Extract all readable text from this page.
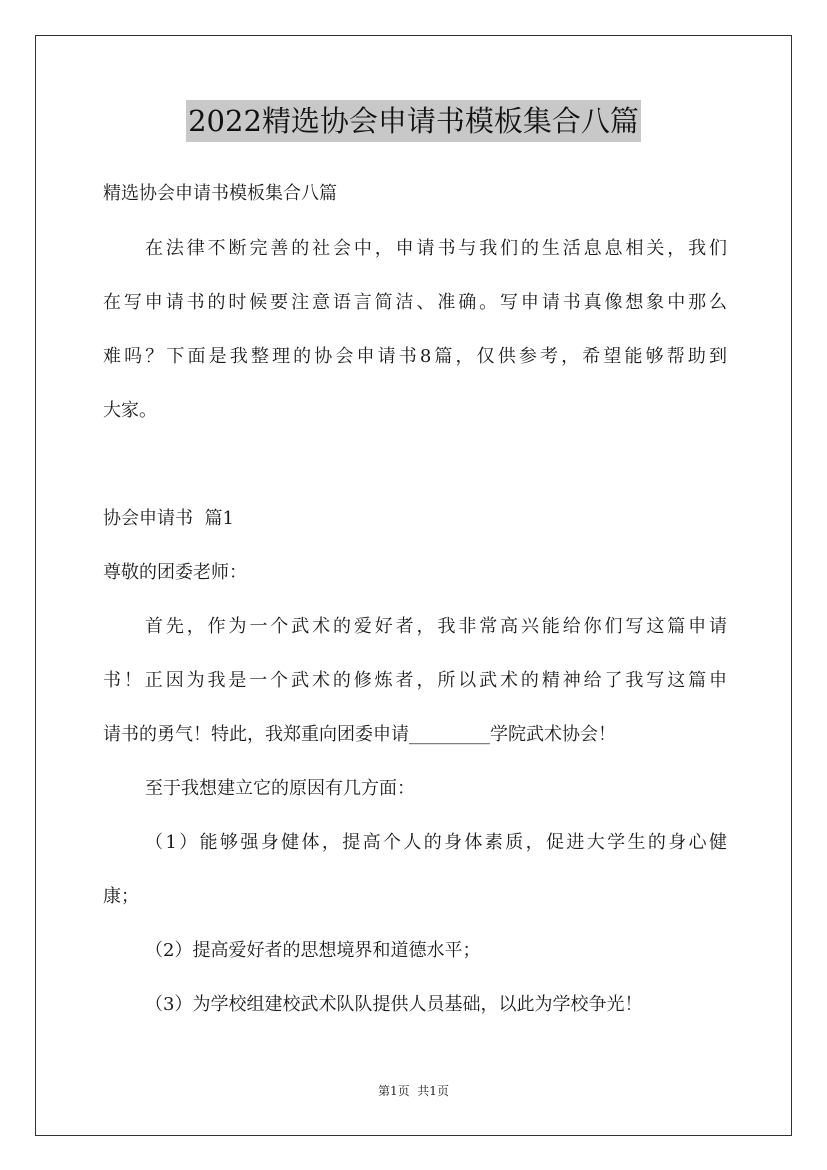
2022精选协会申请书模板集合八篇
精选协会申请书模板集合八篇
在法律不断完善的社会中，申请书与我们的生活息息相关，我们
在写申请书的时候要注意语言简洁、准确。写申请书真像想象中那么
难吗？下面是我整理的协会申请书8篇，仅供参考，希望能够帮助到
大家。
协会申请书  篇1
尊敬的团委老师：
首先，作为一个武术的爱好者，我非常高兴能给你们写这篇申请
书！正因为我是一个武术的修炼者，所以武术的精神给了我写这篇申
请书的勇气！特此，我郑重向团委申请_________学院武术协会！
至于我想建立它的原因有几方面：
（1）能够强身健体，提高个人的身体素质，促进大学生的身心健
康；
（2）提高爱好者的思想境界和道德水平；
（3）为学校组建校武术队队提供人员基础，以此为学校争光！
第1页  共1页
